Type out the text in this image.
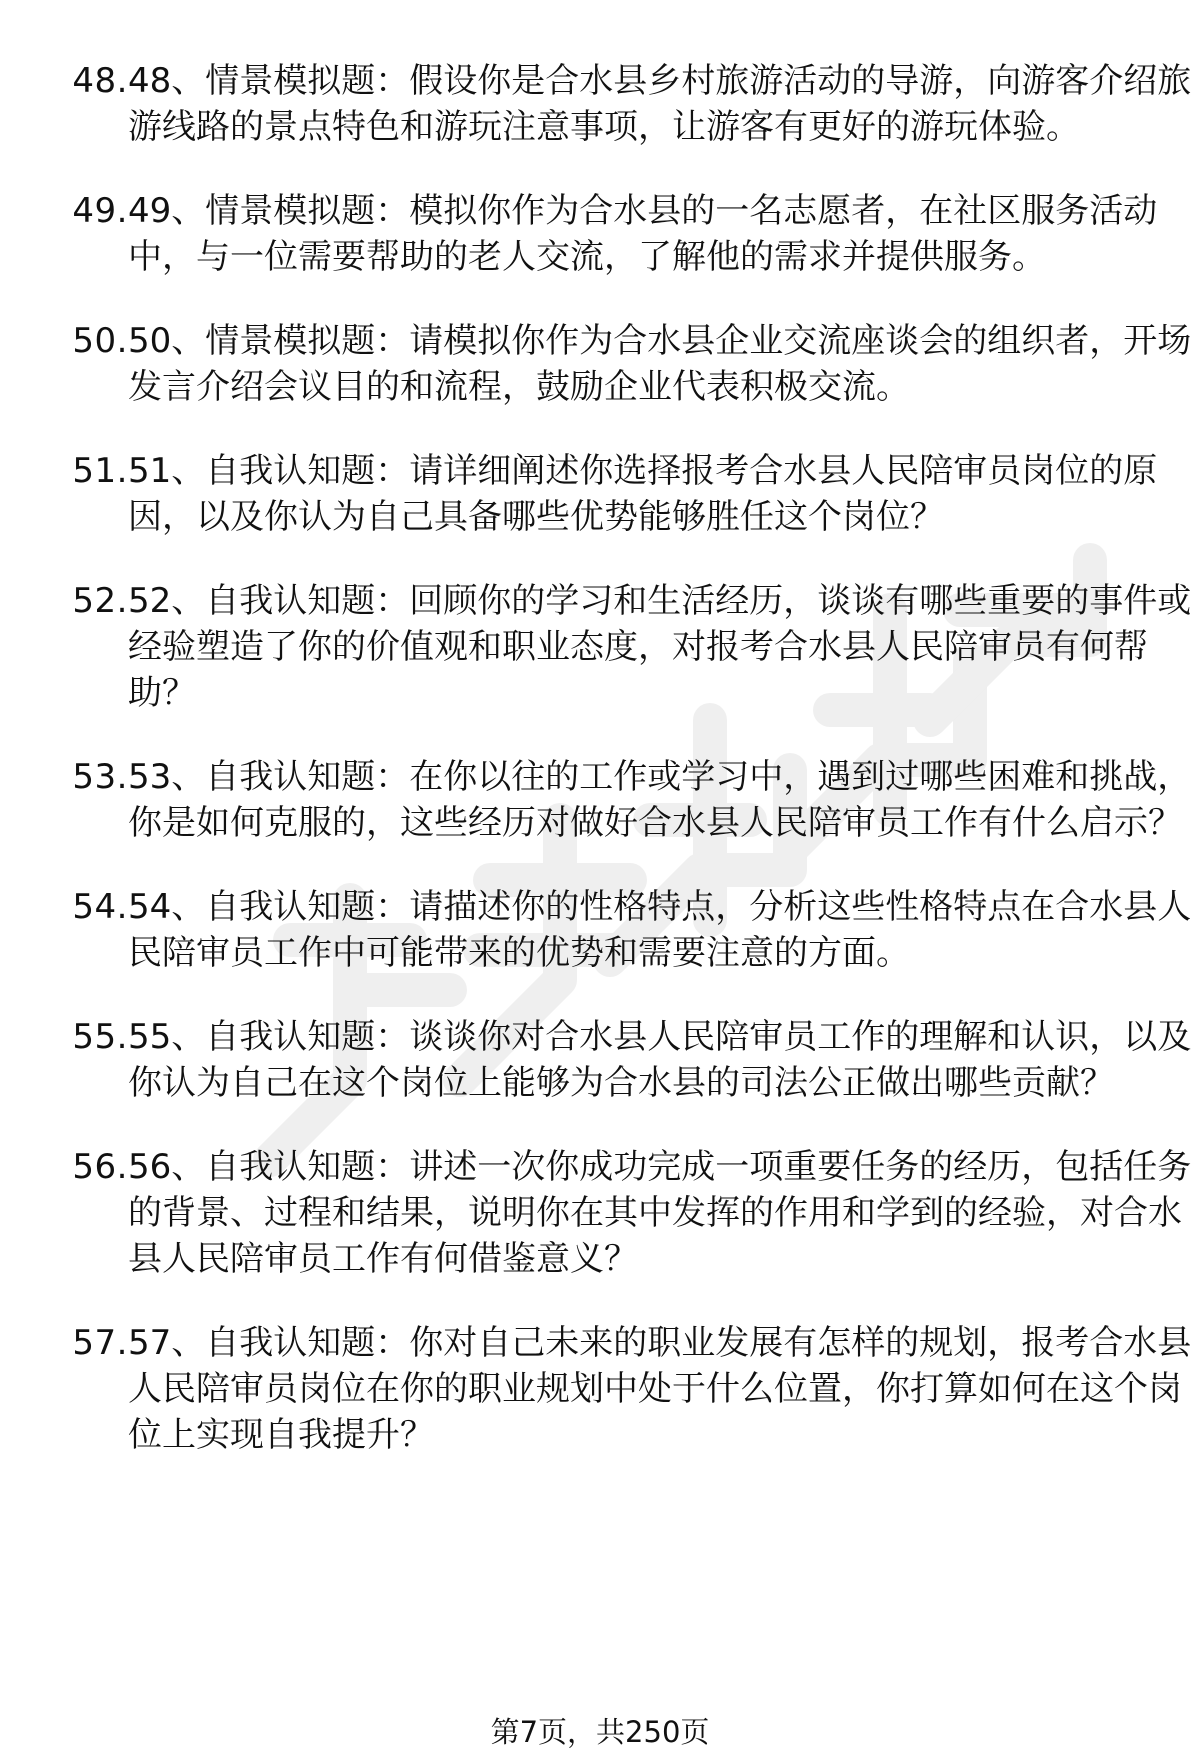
48. 48、情景模拟题：假设你是合水县乡村旅游活动的导游，向游客介绍旅游线路的景点特色和游玩注意事项，让游客有更好的游玩体验。
49. 49、情景模拟题：模拟你作为合水县的一名志愿者，在社区服务活动中，与一位需要帮助的老人交流，了解他的需求并提供服务。
50. 50、情景模拟题：请模拟你作为合水县企业交流座谈会的组织者，开场发言介绍会议目的和流程，鼓励企业代表积极交流。
51. 51、自我认知题：请详细阐述你选择报考合水县人民陪审员岗位的原因，以及你认为自己具备哪些优势能够胜任这个岗位？
52. 52、自我认知题：回顾你的学习和生活经历，谈谈有哪些重要的事件或经验塑造了你的价值观和职业态度，对报考合水县人民陪审员有何帮助？
53. 53、自我认知题：在你以往的工作或学习中，遇到过哪些困难和挑战，你是如何克服的，这些经历对做好合水县人民陪审员工作有什么启示？
54. 54、自我认知题：请描述你的性格特点，分析这些性格特点在合水县人民陪审员工作中可能带来的优势和需要注意的方面。
55. 55、自我认知题：谈谈你对合水县人民陪审员工作的理解和认识，以及你认为自己在这个岗位上能够为合水县的司法公正做出哪些贡献？
56. 56、自我认知题：讲述一次你成功完成一项重要任务的经历，包括任务的背景、过程和结果，说明你在其中发挥的作用和学到的经验，对合水县人民陪审员工作有何借鉴意义？
57. 57、自我认知题：你对自己未来的职业发展有怎样的规划，报考合水县人民陪审员岗位在你的职业规划中处于什么位置，你打算如何在这个岗位上实现自我提升？
第7页，共250页
